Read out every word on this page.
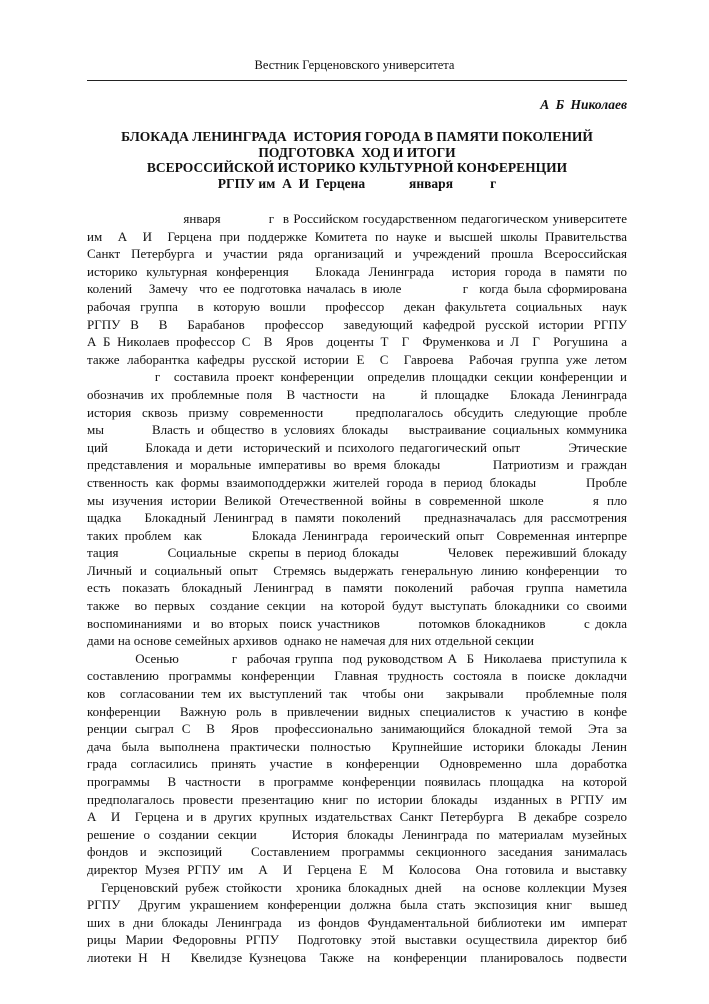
Вестник Герценовского университета
А Б Николаев
БЛОКАДА ЛЕНИНГРАДА  ИСТОРИЯ ГОРОДА В ПАМЯТИ ПОКОЛЕНИЙ
ПОДГОТОВКА  ХОД И ИТОГИ
ВСЕРОССИЙСКОЙ ИСТОРИКО КУЛЬТУРНОЙ КОНФЕРЕНЦИИ
РГПУ им  А  И  Герцена             января           г
января           г  в Российском государственном педагогическом университете
им  А  И  Герцена при поддержке Комитета по науке и высшей школы Правительства
Санкт Петербурга и участии ряда организаций и учреждений прошла Всероссийская
историко культурная конференция   Блокада Ленинграда  история города в памяти по
колений   Замечу  что ее подготовка началась в июле           г  когда была сформирована
рабочая группа  в которую вошли  профессор  декан факультета социальных  наук
РГПУ В  В  Барабанов  профессор  заведующий кафедрой русской истории РГПУ
А Б Николаев профессор С  В  Яров  доценты Т  Г  Фруменкова и Л  Г  Рогушина  а
также лаборантка кафедры русской истории Е  С  Гавроева  Рабочая группа уже летом
г  составила проект конференции  определив площадки секции конференции и
обозначив их проблемные поля  В частности  на     й площадке   Блокада Ленинграда
история сквозь призму современности   предполагалось обсудить следующие пробле
мы       Власть и общество в условиях блокады   выстраивание социальных коммуника
ций       Блокада и дети  исторический и психолого педагогический опыт         Этические
представления и моральные императивы во время блокады       Патриотизм и граждан
ственность как формы взаимоподдержки жителей города в период блокады       Пробле
мы изучения истории Великой Отечественной войны в современной школе      я пло
щадка   Блокадный Ленинград в памяти поколений   предназначалась для рассмотрения
таких проблем  как        Блокада Ленинграда  героический опыт  Современная интерпре
тация        Социальные  скрепы в период блокады        Человек  переживший блокаду
Личный и социальный опыт  Стремясь выдержать генеральную линию конференции  то
есть  показать  блокадный  Ленинград  в  памяти  поколений   рабочая  группа  наметила
также  во первых  создание секции  на которой будут выступать блокадники со своими
воспоминаниями  и  во вторых  поиск участников       потомков блокадников       с докла
дами на основе семейных архивов  однако не намечая для них отдельной секции
Осенью           г  рабочая группа  под руководством А  Б  Николаева  приступила к
составлению программы конференции  Главная трудность состояла в поиске докладчи
ков  согласовании тем их выступлений так  чтобы они   закрывали   проблемные поля
конференции  Важную роль в привлечении видных специалистов к участию в конфе
ренции сыграл С  В  Яров  профессионально занимающийся блокадной темой  Эта за
дача была выполнена практически полностью  Крупнейшие историки блокады Ленин
града  согласились  принять  участие  в  конференции   Одновременно  шла  доработка
программы  В частности  в программе конференции появилась площадка  на которой
предполагалось провести презентацию книг по истории блокады  изданных в РГПУ им
А  И  Герцена и в других крупных издательствах Санкт Петербурга  В декабре созрело
решение о создании секции    История блокады Ленинграда по материалам музейных
фондов  и  экспозиций     Составлением  программы  секционного  заседания  занималась
директор Музея РГПУ им  А  И  Герцена Е  М  Колосова  Она готовила и выставку
Герценовский рубеж стойкости  хроника блокадных дней   на основе коллекции Музея
РГПУ  Другим украшением конференции должна была стать экспозиция книг  вышед
ших в дни блокады Ленинграда  из фондов Фундаментальной библиотеки им  императ
рицы Марии Федоровны РГПУ  Подготовку этой выставки осуществила директор биб
лиотеки Н  Н   Квелидзе Кузнецова  Также  на  конференции  планировалось  подвести
